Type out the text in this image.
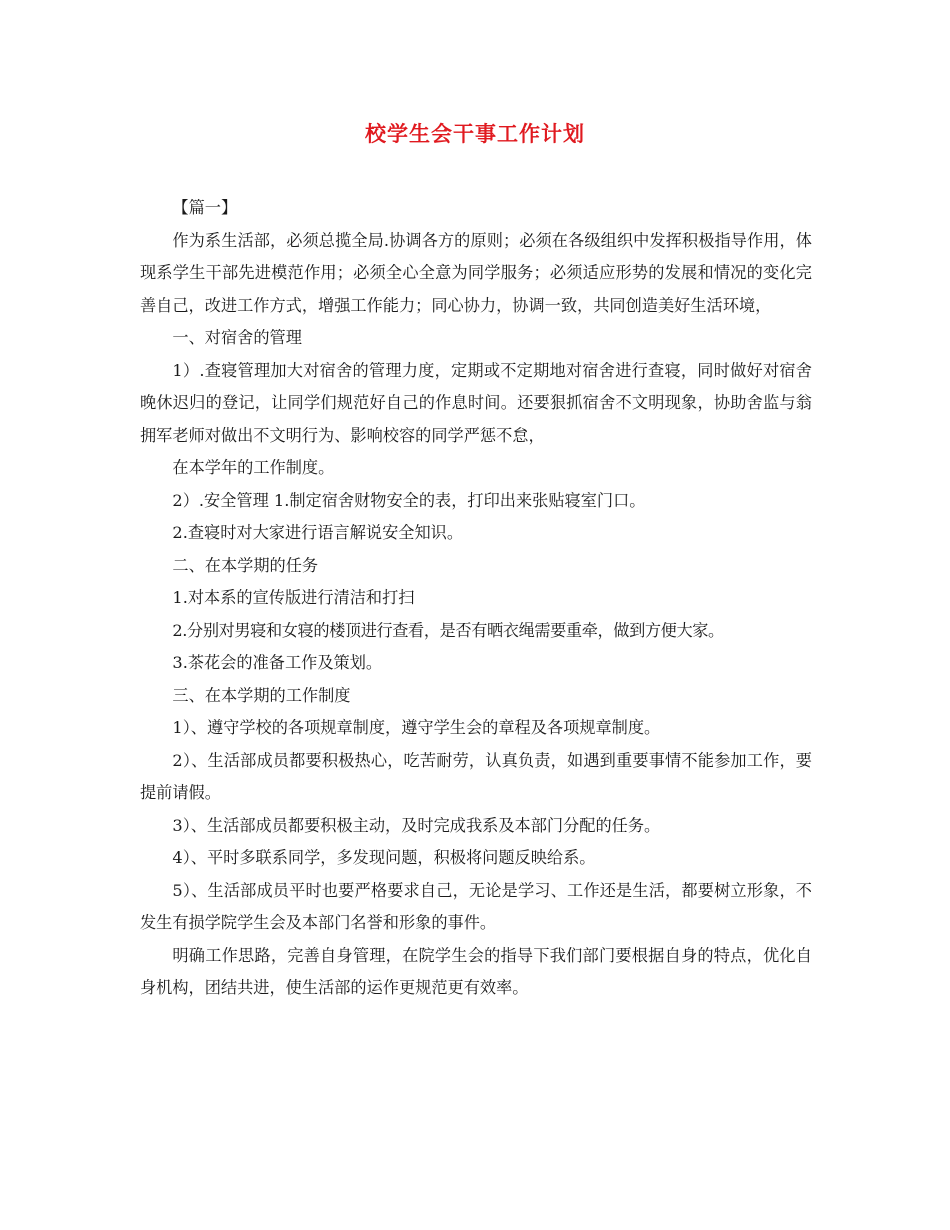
校学生会干事工作计划

【篇一】

作为系生活部，必须总揽全局.协调各方的原则；必须在各级组织中发挥积极指导作用，体现系学生干部先进模范作用；必须全心全意为同学服务；必须适应形势的发展和情况的变化完善自己，改进工作方式，增强工作能力；同心协力，协调一致，共同创造美好生活环境，

一、对宿舍的管理

1）.查寝管理加大对宿舍的管理力度，定期或不定期地对宿舍进行查寝，同时做好对宿舍晚休迟归的登记，让同学们规范好自己的作息时间。还要狠抓宿舍不文明现象，协助舍监与翁拥军老师对做出不文明行为、影响校容的同学严惩不怠，

在本学年的工作制度。

2）.安全管理 1.制定宿舍财物安全的表，打印出来张贴寝室门口。

2.查寝时对大家进行语言解说安全知识。

二、在本学期的任务

1.对本系的宣传版进行清洁和打扫

2.分别对男寝和女寝的楼顶进行查看，是否有晒衣绳需要重牵，做到方便大家。

3.茶花会的准备工作及策划。

三、在本学期的工作制度

1）、遵守学校的各项规章制度，遵守学生会的章程及各项规章制度。

2）、生活部成员都要积极热心，吃苦耐劳，认真负责，如遇到重要事情不能参加工作，要提前请假。

3）、生活部成员都要积极主动，及时完成我系及本部门分配的任务。

4）、平时多联系同学，多发现问题，积极将问题反映给系。

5）、生活部成员平时也要严格要求自己，无论是学习、工作还是生活，都要树立形象，不发生有损学院学生会及本部门名誉和形象的事件。

明确工作思路，完善自身管理，在院学生会的指导下我们部门要根据自身的特点，优化自身机构，团结共进，使生活部的运作更规范更有效率。
